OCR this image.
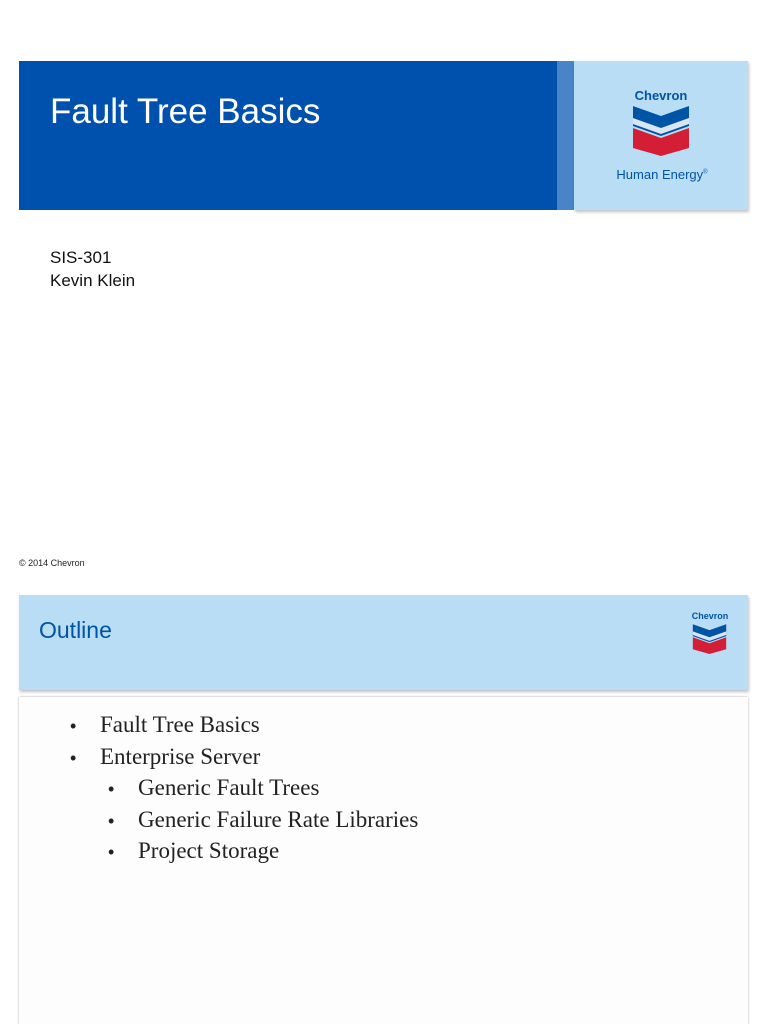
Fault Tree Basics	Chevron
Human Energy®
SIS-301
Kevin Klein
© 2014 Chevron
Outline
Chevron
• Fault Tree Basics
• Enterprise Server
• Generic Fault Trees
• Generic Failure Rate Libraries
• Project Storage
